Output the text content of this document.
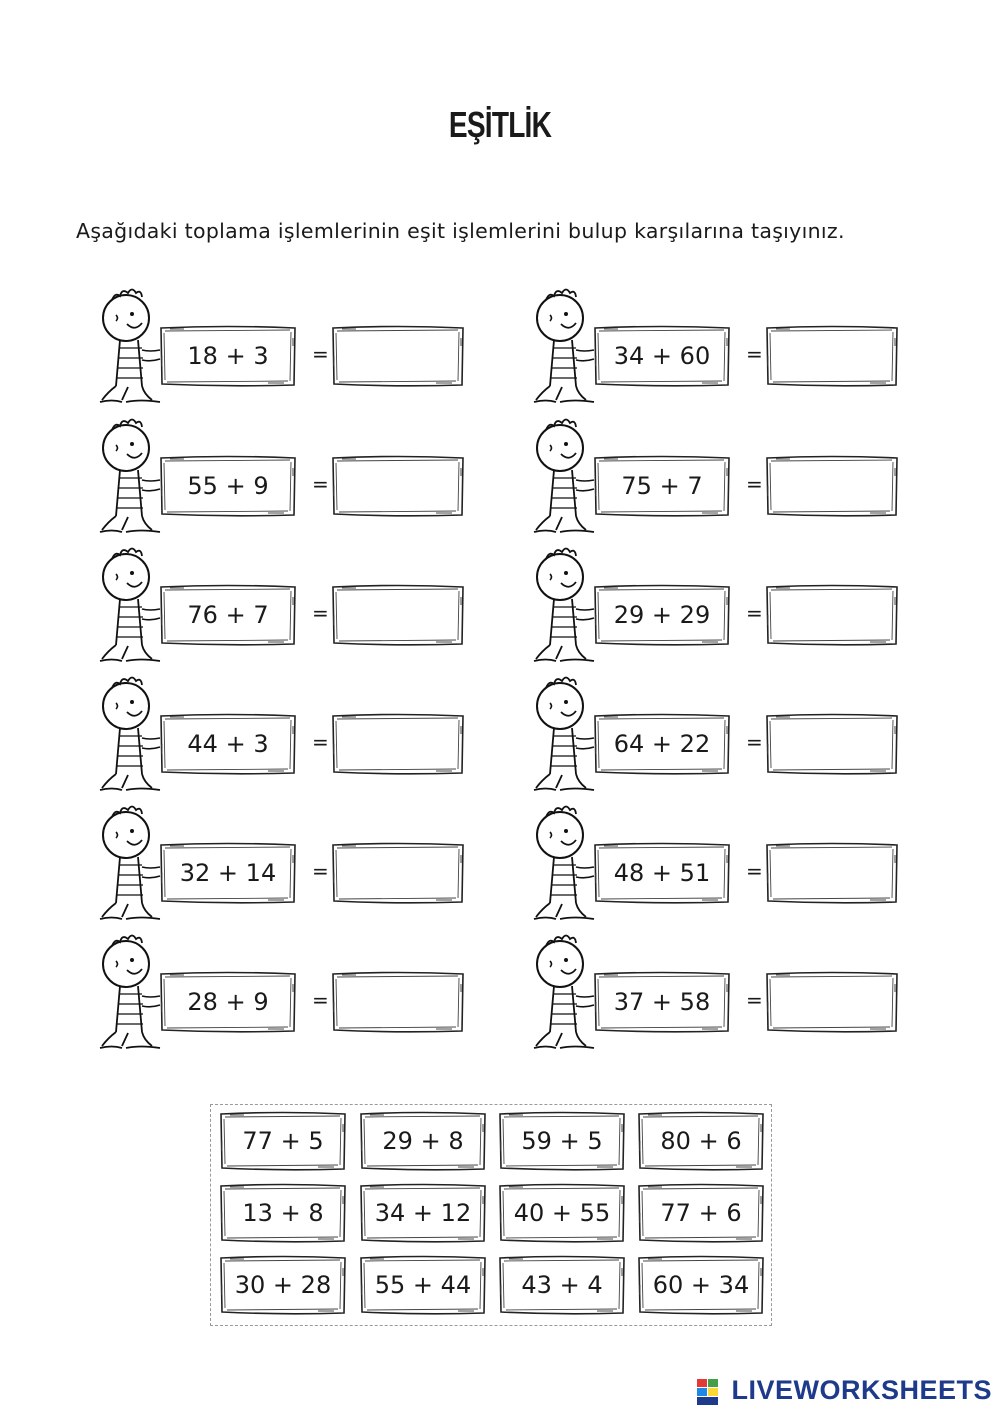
EŞİTLİK
Aşağıdaki toplama işlemlerinin eşit işlemlerini bulup karşılarına taşıyınız.
18 + 3	=	34 + 60	=
55 + 9	=	75 + 7	=
76 + 7	=	29 + 29	=
44 + 3	=	64 + 22	=
32 + 14	=	48 + 51	=
28 + 9	=	37 + 58	=
77 + 5	29 + 8	59 + 5	80 + 6
13 + 8	34 + 12	40 + 55	77 + 6
30 + 28	55 + 44	43 + 4	60 + 34
LIVEWORKSHEETS
